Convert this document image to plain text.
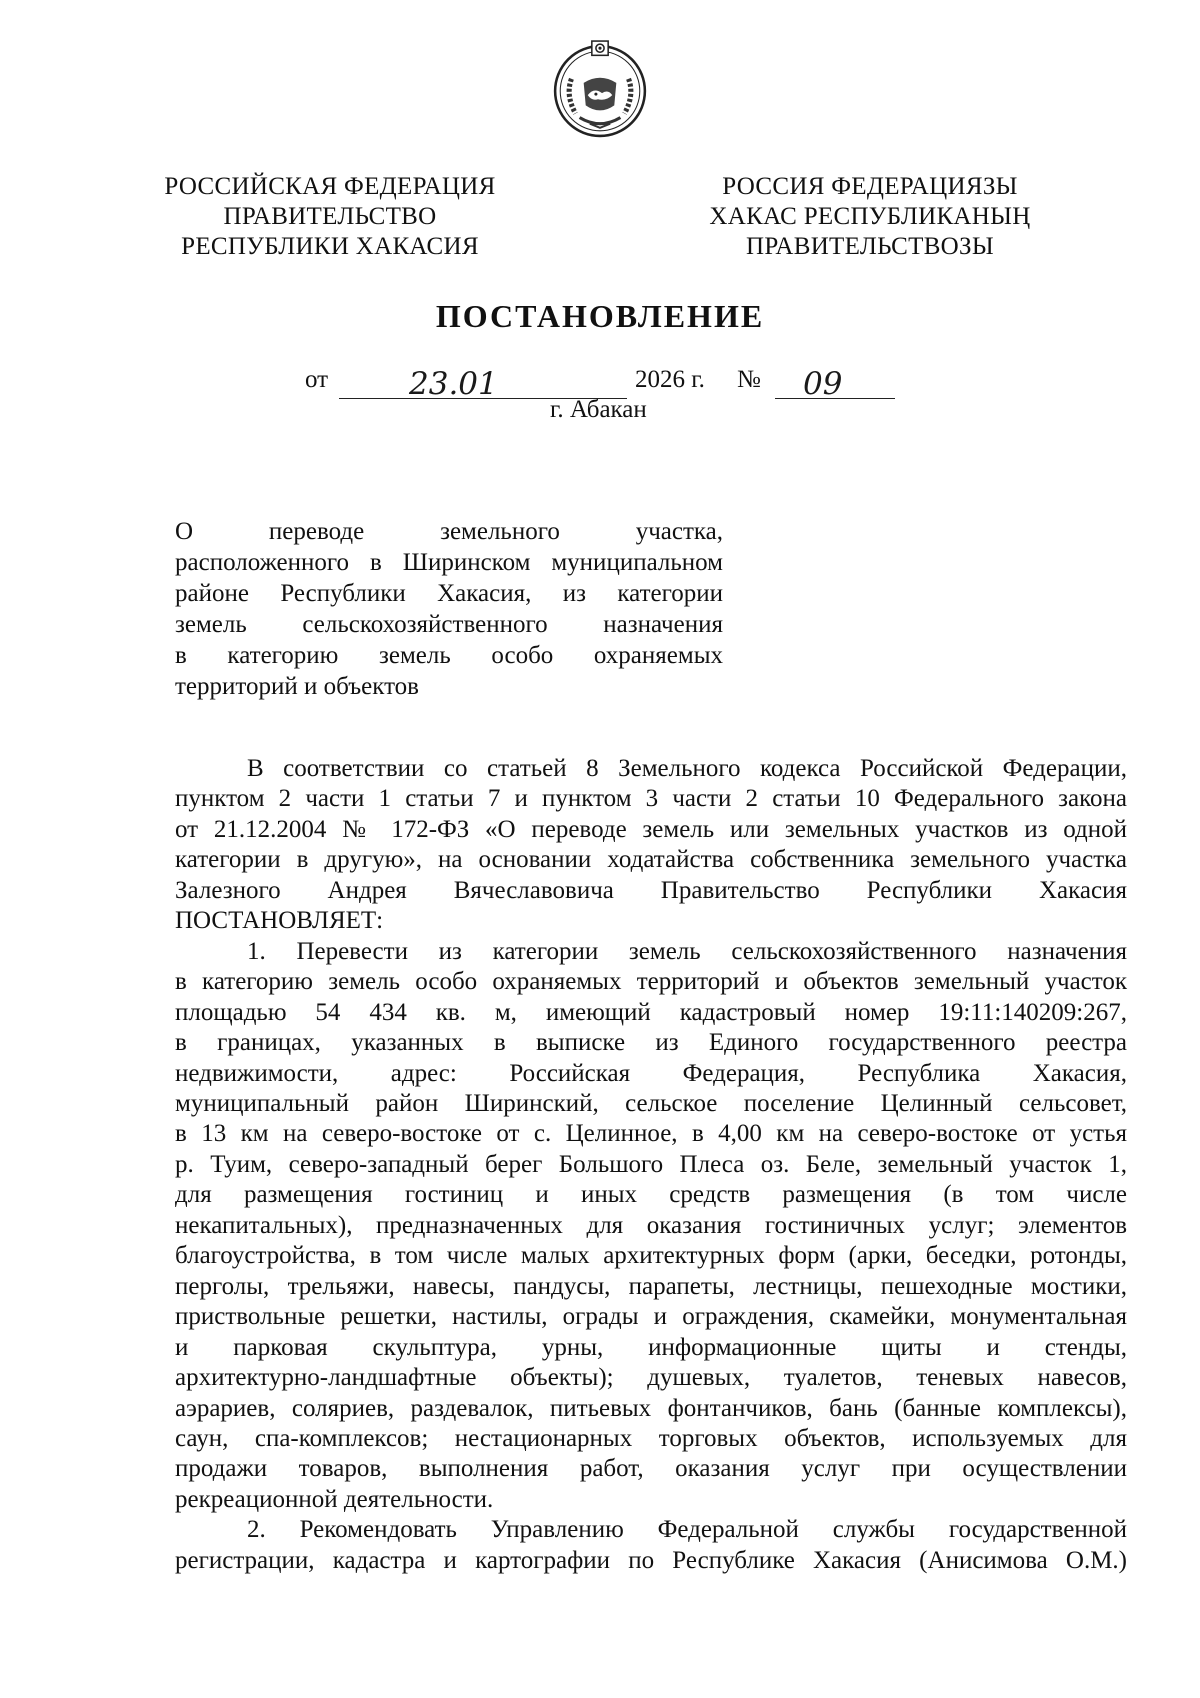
РОССИЙСКАЯ ФЕДЕРАЦИЯ
ПРАВИТЕЛЬСТВО
РЕСПУБЛИКИ ХАКАСИЯ
РОССИЯ ФЕДЕРАЦИЯЗЫ
ХАКАС РЕСПУБЛИКАНЫҢ
ПРАВИТЕЛЬСТВОЗЫ
ПОСТАНОВЛЕНИЕ
от	23.01	2026 г. № 09
г. Абакан
О переводе земельного участка,
расположенного в Ширинском муниципальном
районе Республики Хакасия, из категории
земель сельскохозяйственного назначения
в категорию земель особо охраняемых
территорий и объектов
В соответствии со статьей 8 Земельного кодекса Российской Федерации,
пунктом 2 части 1 статьи 7 и пунктом 3 части 2 статьи 10 Федерального закона
от 21.12.2004 № 172-ФЗ «О переводе земель или земельных участков из одной
категории в другую», на основании ходатайства собственника земельного участка
Залезного Андрея Вячеславовича Правительство Республики Хакасия
ПОСТАНОВЛЯЕТ:
1. Перевести из категории земель сельскохозяйственного назначения
в категорию земель особо охраняемых территорий и объектов земельный участок
площадью 54 434 кв. м, имеющий кадастровый номер 19:11:140209:267,
в границах, указанных в выписке из Единого государственного реестра
недвижимости, адрес: Российская Федерация, Республика Хакасия,
муниципальный район Ширинский, сельское поселение Целинный сельсовет,
в 13 км на северо-востоке от с. Целинное, в 4,00 км на северо-востоке от устья
р. Туим, северо-западный берег Большого Плеса оз. Беле, земельный участок 1,
для размещения гостиниц и иных средств размещения (в том числе
некапитальных), предназначенных для оказания гостиничных услуг; элементов
благоустройства, в том числе малых архитектурных форм (арки, беседки, ротонды,
перголы, трельяжи, навесы, пандусы, парапеты, лестницы, пешеходные мостики,
приствольные решетки, настилы, ограды и ограждения, скамейки, монументальная
и парковая скульптура, урны, информационные щиты и стенды,
архитектурно-ландшафтные объекты); душевых, туалетов, теневых навесов,
аэрариев, соляриев, раздевалок, питьевых фонтанчиков, бань (банные комплексы),
саун, спа-комплексов; нестационарных торговых объектов, используемых для
продажи товаров, выполнения работ, оказания услуг при осуществлении
рекреационной деятельности.
2. Рекомендовать Управлению Федеральной службы государственной
регистрации, кадастра и картографии по Республике Хакасия (Анисимова О.М.)
